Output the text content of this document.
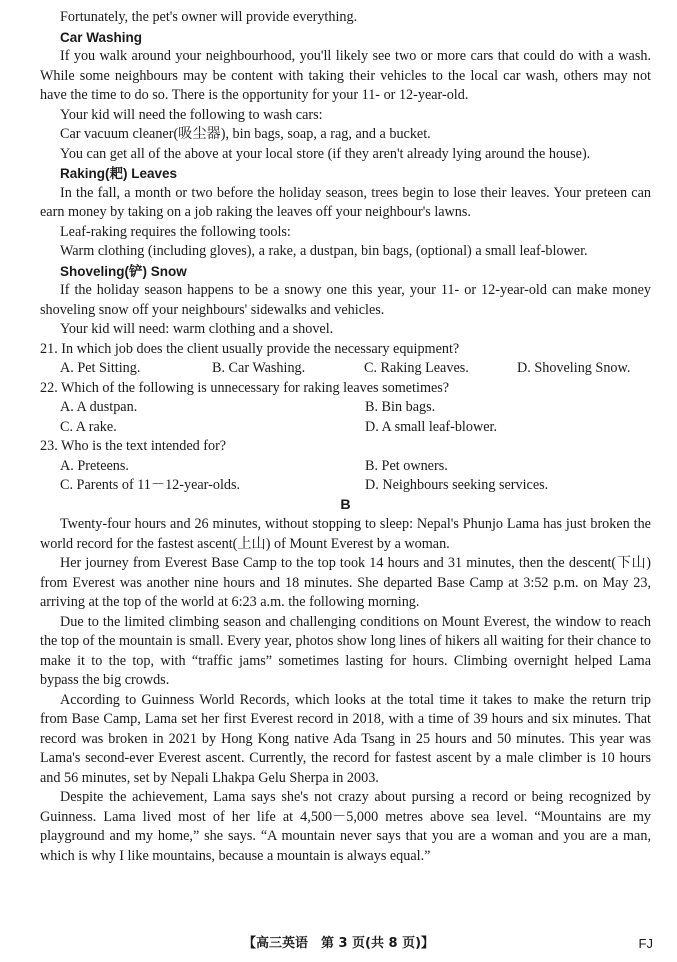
Fortunately, the pet's owner will provide everything.

Car Washing

If you walk around your neighbourhood, you'll likely see two or more cars that could do with a wash. While some neighbours may be content with taking their vehicles to the local car wash, others may not have the time to do so. There is the opportunity for your 11- or 12-year-old.

Your kid will need the following to wash cars:

Car vacuum cleaner(吸尘器), bin bags, soap, a rag, and a bucket.

You can get all of the above at your local store (if they aren't already lying around the house).

Raking(耙) Leaves

In the fall, a month or two before the holiday season, trees begin to lose their leaves. Your preteen can earn money by taking on a job raking the leaves off your neighbour's lawns.

Leaf-raking requires the following tools:

Warm clothing (including gloves), a rake, a dustpan, bin bags, (optional) a small leaf-blower.

Shoveling(铲) Snow

If the holiday season happens to be a snowy one this year, your 11- or 12-year-old can make money shoveling snow off your neighbours' sidewalks and vehicles.

Your kid will need: warm clothing and a shovel.

21. In which job does the client usually provide the necessary equipment?

A. Pet Sitting.	B. Car Washing.	C. Raking Leaves.	D. Shoveling Snow.

22. Which of the following is unnecessary for raking leaves sometimes?

A. A dustpan.	B. Bin bags.
C. A rake.	D. A small leaf-blower.

23. Who is the text intended for?

A. Preteens.	B. Pet owners.
C. Parents of 11－12-year-olds.	D. Neighbours seeking services.

B

Twenty-four hours and 26 minutes, without stopping to sleep: Nepal's Phunjo Lama has just broken the world record for the fastest ascent(上山) of Mount Everest by a woman.

Her journey from Everest Base Camp to the top took 14 hours and 31 minutes, then the descent(下山) from Everest was another nine hours and 18 minutes. She departed Base Camp at 3:52 p.m. on May 23, arriving at the top of the world at 6:23 a.m. the following morning.

Due to the limited climbing season and challenging conditions on Mount Everest, the window to reach the top of the mountain is small. Every year, photos show long lines of hikers all waiting for their chance to make it to the top, with “traffic jams” sometimes lasting for hours. Climbing overnight helped Lama bypass the big crowds.

According to Guinness World Records, which looks at the total time it takes to make the return trip from Base Camp, Lama set her first Everest record in 2018, with a time of 39 hours and six minutes. That record was broken in 2021 by Hong Kong native Ada Tsang in 25 hours and 50 minutes. This year was Lama's second-ever Everest ascent. Currently, the record for fastest ascent by a male climber is 10 hours and 56 minutes, set by Nepali Lhakpa Gelu Sherpa in 2003.

Despite the achievement, Lama says she's not crazy about pursing a record or being recognized by Guinness. Lama lived most of her life at 4,500－5,000 metres above sea level. “Mountains are my playground and my home,” she says. “A mountain never says that you are a woman and you are a man, which is why I like mountains, because a mountain is always equal.”

【高三英语　第 3 页(共 8 页)】	FJ
